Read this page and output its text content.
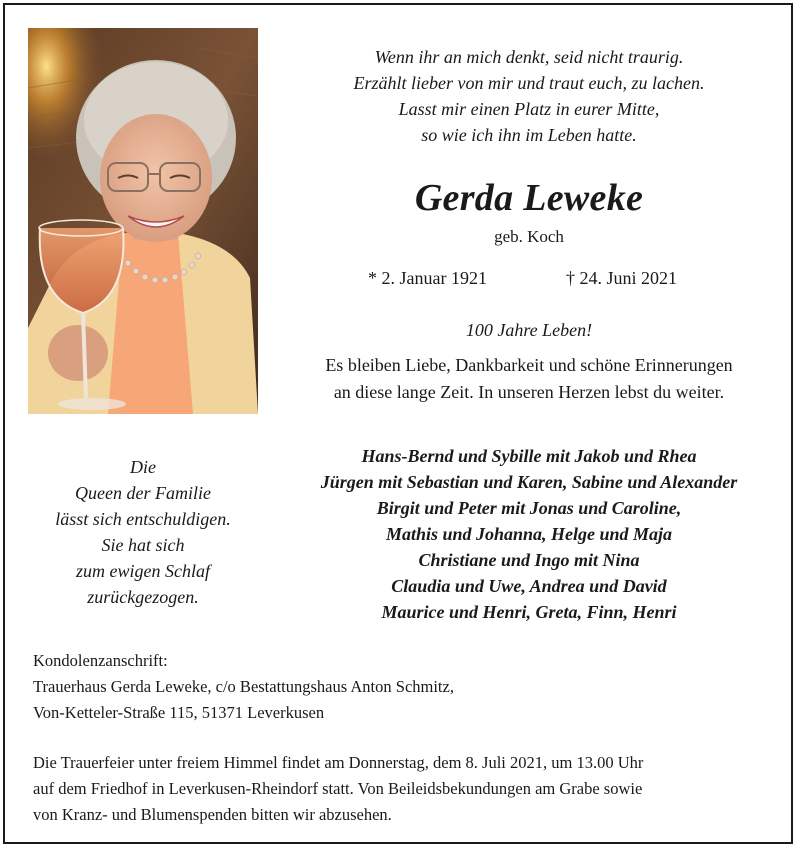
Wenn ihr an mich denkt, seid nicht traurig.
Erzählt lieber von mir und traut euch, zu lachen.
Lasst mir einen Platz in eurer Mitte,
so wie ich ihn im Leben hatte.
Gerda Leweke
geb. Koch
* 2. Januar 1921	† 24. Juni 2021
100 Jahre Leben!
Es bleiben Liebe, Dankbarkeit und schöne Erinnerungen
an diese lange Zeit. In unseren Herzen lebst du weiter.
Die
Queen der Familie
lässt sich entschuldigen.
Sie hat sich
zum ewigen Schlaf
zurückgezogen.
Hans-Bernd und Sybille mit Jakob und Rhea
Jürgen mit Sebastian und Karen, Sabine und Alexander
Birgit und Peter mit Jonas und Caroline,
Mathis und Johanna, Helge und Maja
Christiane und Ingo mit Nina
Claudia und Uwe, Andrea und David
Maurice und Henri, Greta, Finn, Henri
Kondolenzanschrift:
Trauerhaus Gerda Leweke, c/o Bestattungshaus Anton Schmitz,
Von-Ketteler-Straße 115, 51371 Leverkusen
Die Trauerfeier unter freiem Himmel findet am Donnerstag, dem 8. Juli 2021, um 13.00 Uhr
auf dem Friedhof in Leverkusen-Rheindorf statt. Von Beileidsbekundungen am Grabe sowie
von Kranz- und Blumenspenden bitten wir abzusehen.
